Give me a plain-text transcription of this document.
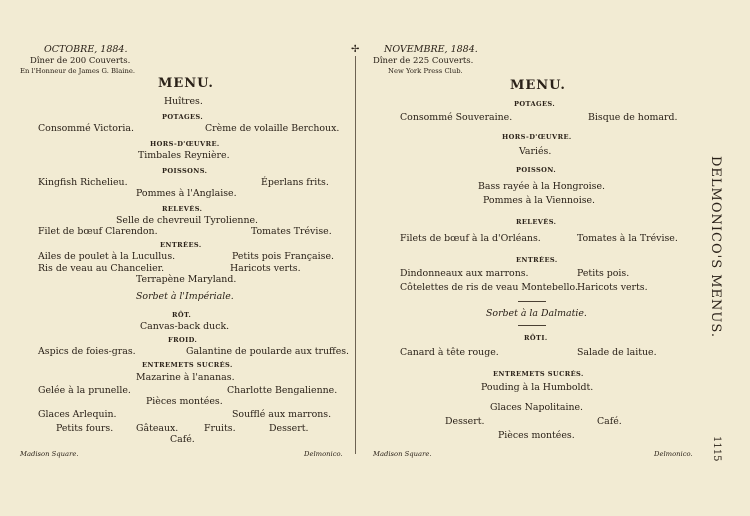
OCTOBRE, 1884.
Dîner de 200 Couverts.
En l'Honneur de James G. Blaine.
MENU.
Huîtres.
POTAGES.
Consommé Victoria.	Crème de volaille Berchoux.
HORS-D'ŒUVRE.
Timbales Reynière.
POISSONS.
Kingfish Richelieu.	Éperlans frits.
Pommes à l'Anglaise.
RELEVÉS.
Selle de chevreuil Tyrolienne.
Filet de bœuf Clarendon.	Tomates Trévise.
ENTRÉES.
Ailes de poulet à la Lucullus.	Petits pois Française.
Ris de veau au Chancelier.	Haricots verts.
Terrapène Maryland.
Sorbet à l'Impériale.
RÔT.
Canvas-back duck.
FROID.
Aspics de foies-gras.	Galantine de poularde aux truffes.
ENTREMETS SUCRÉS.
Mazarine à l'ananas.
Gelée à la prunelle.	Charlotte Bengalienne.
Pièces montées.
Glaces Arlequin.	Soufflé aux marrons.
Petits fours. Gâteaux.	Fruits.	Dessert.
Café.
Madison Square.	Delmonico.
✢	NOVEMBRE, 1884.
Dîner de 225 Couverts.
New York Press Club.
MENU.
POTAGES.
Consommé Souveraine.	Bisque de homard.
HORS-D'ŒUVRE.
Variés.
POISSON.
Bass rayée à la Hongroise.
Pommes à la Viennoise.
RELEVÉS.
Filets de bœuf à la d'Orléans.	Tomates à la Trévise.
ENTRÉES.
Dindonneaux aux marrons.	Petits pois.
Côtelettes de ris de veau Montebello. Haricots verts.
Sorbet à la Dalmatie.
RÔTI.
Canard à tête rouge.	Salade de laitue.
ENTREMETS SUCRÉS.
Pouding à la Humboldt.
Glaces Napolitaine.
Dessert.	Café.
Pièces montées.
Madison Square.	Delmonico.
DELMONICO'S MENUS.
1115
